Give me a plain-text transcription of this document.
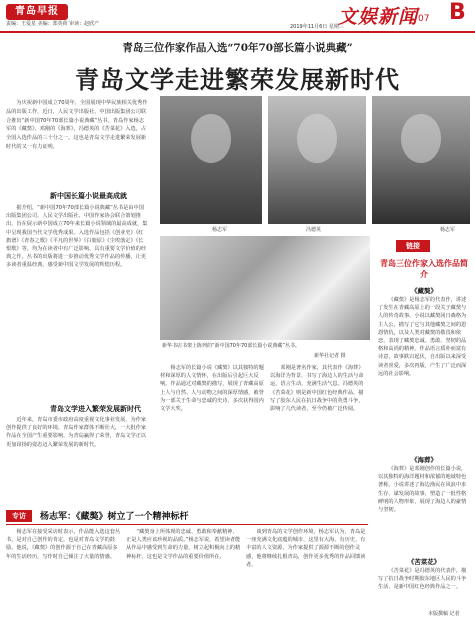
青岛早报
责编：王爱星 美编：郑英荷 审读：赵欣产	2019年11月6日 星期三
文娱新闻 07 B
青岛三位作家作品入选“70年70部长篇小说典藏”
青岛文学走进繁荣发展新时代
为庆祝新中国成立70周年，全国展现中华民族相关优秀作品的出版工作，近日，人民文学出版社、中国出版集团公司联合推出“新中国70年70部长篇小说典藏”丛书。青岛作家杨志军的《藏獒》、邓刚的《海葬》，冯德英的《苦菜花》入选，占全国入选作品的三十分之一。这也是青岛文学走进繁荣发展新时代的又一有力证明。
杨志军	冯德英	杨志军
新华书店书架上陈列的“新中国70年70部长篇小说典藏”丛书。
新华社记者 摄
新中国长篇小说最高成就
据介绍，“新中国70年70部长篇小说典藏”丛书是由中国出版集团公司、人民文学出版社、中国作家协会联合策划推出，旨在展示新中国成立70年来长篇小说领域的最高成就，集中呈现我国当代文学优秀成果。入选作品包括《创业史》《红旗谱》《青春之歌》《平凡的世界》《白鹿原》《尘埃落定》《长恨歌》等，均为在读者中有广泛影响、具有重要文学价值的经典之作。丛书的出版将进一步推动优秀文学作品的传播，让更多读者重温经典，感受新中国文学发展的辉煌历程。
青岛文学进入繁荣发展新时代
近年来，青岛市委市政府高度重视文化事业发展，为作家创作提供了良好的环境。青岛作家群体不断壮大，一大批作家作品在全国产生重要影响，为青岛赢得了荣誉，青岛文学正以更加昂扬的姿态迈入繁荣发展的新时代。
杨志军的长篇小说《藏獒》以其独特的题材和深厚的人文情怀，在出版后引起巨大反响。作品通过对藏獒的描写，展现了青藏高原上人与自然、人与动物之间的深厚情感，被誉为一部关于生命与忠诚的史诗，多次获得国内文学大奖。
邓刚是著名作家，其代表作《海葬》以海洋为背景，书写了海边人的生活与命运，语言生动，充满生活气息。冯德英的《苦菜花》则是新中国红色经典作品，描写了胶东人民在抗日战争中的英勇斗争，影响了几代读者，至今仍被广泛传阅。
专访	杨志军：《藏獒》树立了一个精神标杆
杨志军在接受采访时表示，作品能入选这套丛书，是对自己创作的肯定，也是对青岛文学的鼓励。他说，《藏獒》的创作源于自己在青藏高原多年的生活经历，写作时自己倾注了大量的情感。
“藏獒身上所体现的忠诚、勇敢和奉献精神，正是人类应该珍视的品质。”杨志军说，希望读者能从作品中感受到生命的力量，树立起积极向上的精神标杆，这也是文学作品的重要价值所在。
谈到青岛的文学创作环境，杨志军认为，青岛是一座充满文化底蕴的城市，这里有大海、有历史、有丰富的人文资源，为作家提供了源源不断的创作灵感，他将继续扎根青岛，创作更多优秀的作品回馈读者。
链接
青岛三位作家入选作品简介
《藏獒》
《藏獒》是杨志军的代表作，讲述了发生在青藏高原上的一段关于藏獒与人的传奇故事。小说以藏獒冈日森格为主人公，描写了它与其他藏獒之间的恩怨情仇，以及人类对藏獒的敬畏和依恋，表现了藏獒忠诚、勇敢、坚韧的品格和高尚的精神。作品语言质朴而富有诗意，故事跌宕起伏，自出版以来深受读者喜爱，多次再版，产生了广泛而深远的社会影响。
《海葬》
《海葬》是邓刚创作的长篇小说，以其独特的海洋题材和浓郁的地域特色著称。小说讲述了海边渔民在风浪中求生存、谋发展的故事，塑造了一批性格鲜明的人物形象，展现了海边人的豪情与坚韧。
《苦菜花》
《苦菜花》是冯德英的代表作，描写了抗日战争时期胶东地区人民的斗争生活，是新中国红色经典作品之一。
本版撰稿 记者
